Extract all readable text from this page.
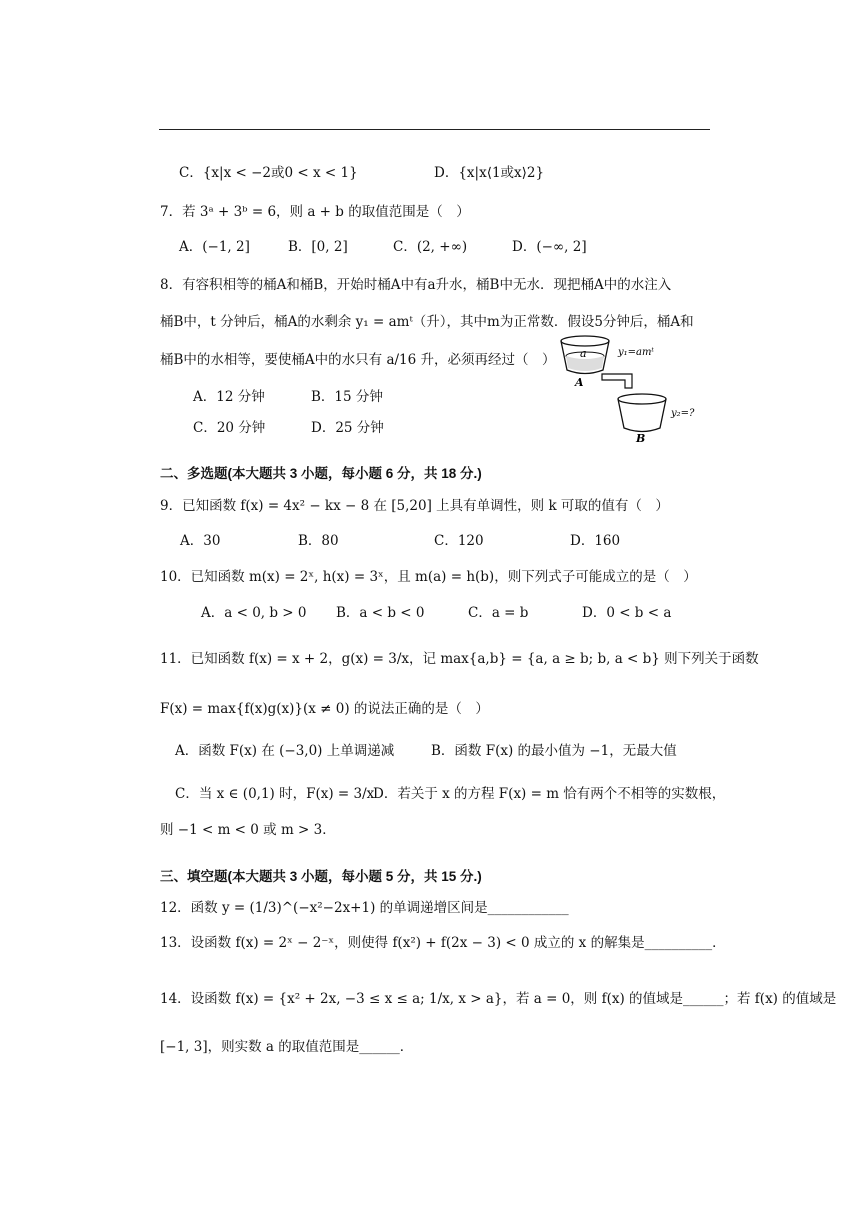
C．{x|x < −2或0 < x < 1}	D．{x|x⟨1或x⟩2}
7．若 3ᵃ + 3ᵇ = 6，则 a + b 的取值范围是（　）
A．(−1, 2]	B．[0, 2]	C．(2, +∞)	D．(−∞, 2]
8．有容积相等的桶A和桶B，开始时桶A中有a升水，桶B中无水．现把桶A中的水注入
桶B中，t 分钟后，桶A的水剩余 y₁ = amᵗ（升），其中m为正常数．假设5分钟后，桶A和
桶B中的水相等，要使桶A中的水只有 a/16 升，必须再经过（　）
A．12 分钟	B．15 分钟
C．20 分钟	D．25 分钟
二、多选题(本大题共 3 小题，每小题 6 分，共 18 分.)
9．已知函数 f(x) = 4x² − kx − 8 在 [5,20] 上具有单调性，则 k 可取的值有（　）
A．30	B．80	C．120	D．160
10．已知函数 m(x) = 2ˣ, h(x) = 3ˣ，且 m(a) = h(b)，则下列式子可能成立的是（　）
A．a < 0, b > 0 B．a < b < 0	C．a = b	D．0 < b < a
11．已知函数 f(x) = x + 2，g(x) = 3/x，记 max{a,b} = {a, a ≥ b; b, a < b} 则下列关于函数
F(x) = max{f(x)g(x)}(x ≠ 0) 的说法正确的是（　）
A．函数 F(x) 在 (−3,0) 上单调递减	B．函数 F(x) 的最小值为 −1，无最大值
C．当 x ∈ (0,1) 时，F(x) = 3/x
D．若关于 x 的方程 F(x) = m 恰有两个不相等的实数根，
则 −1 < m < 0 或 m > 3．
三、填空题(本大题共 3 小题，每小题 5 分，共 15 分.)
12．函数 y = (1/3)^(−x²−2x+1) 的单调递增区间是____________
13．设函数 f(x) = 2ˣ − 2⁻ˣ，则使得 f(x²) + f(2x − 3) < 0 成立的 x 的解集是__________．
14．设函数 f(x) = {x² + 2x, −3 ≤ x ≤ a; 1/x, x > a}，若 a = 0，则 f(x) 的值域是______；若 f(x) 的值域是
[−1, 3]，则实数 a 的取值范围是______．
a
A
y₁=amᵗ
B
y₂=?
